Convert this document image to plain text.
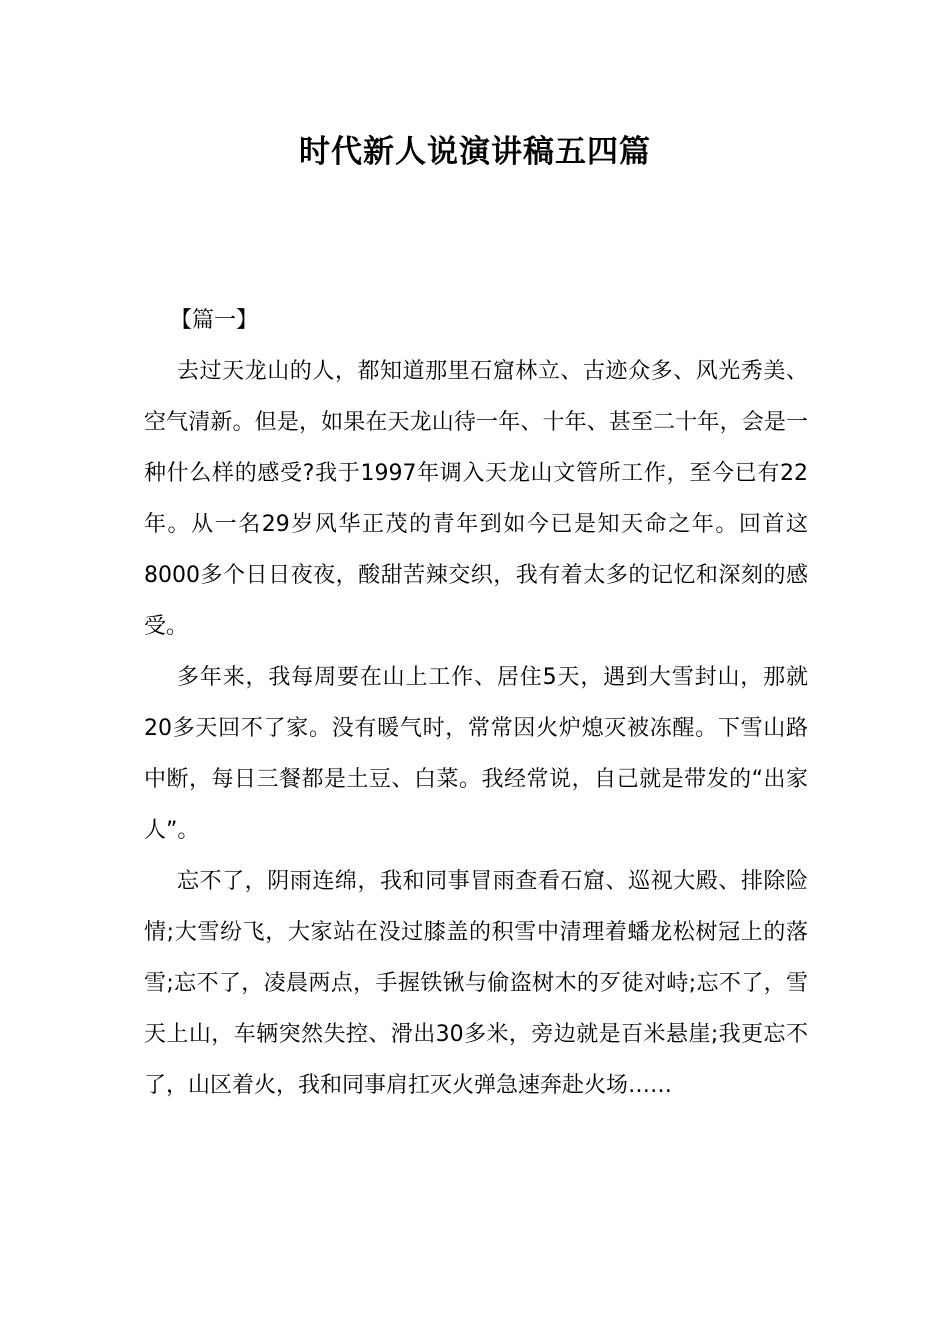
时代新人说演讲稿五四篇
【篇一】

去过天龙山的人，都知道那里石窟林立、古迹众多、风光秀美、空气清新。但是，如果在天龙山待一年、十年、甚至二十年，会是一种什么样的感受?我于1997年调入天龙山文管所工作，至今已有22年。从一名29岁风华正茂的青年到如今已是知天命之年。回首这8000多个日日夜夜，酸甜苦辣交织，我有着太多的记忆和深刻的感受。

多年来，我每周要在山上工作、居住5天，遇到大雪封山，那就20多天回不了家。没有暖气时，常常因火炉熄灭被冻醒。下雪山路中断，每日三餐都是土豆、白菜。我经常说，自己就是带发的“出家人”。

忘不了，阴雨连绵，我和同事冒雨查看石窟、巡视大殿、排除险情;大雪纷飞，大家站在没过膝盖的积雪中清理着蟠龙松树冠上的落雪;忘不了，凌晨两点，手握铁锹与偷盗树木的歹徒对峙;忘不了，雪天上山，车辆突然失控、滑出30多米，旁边就是百米悬崖;我更忘不了，山区着火，我和同事肩扛灭火弹急速奔赴火场……
